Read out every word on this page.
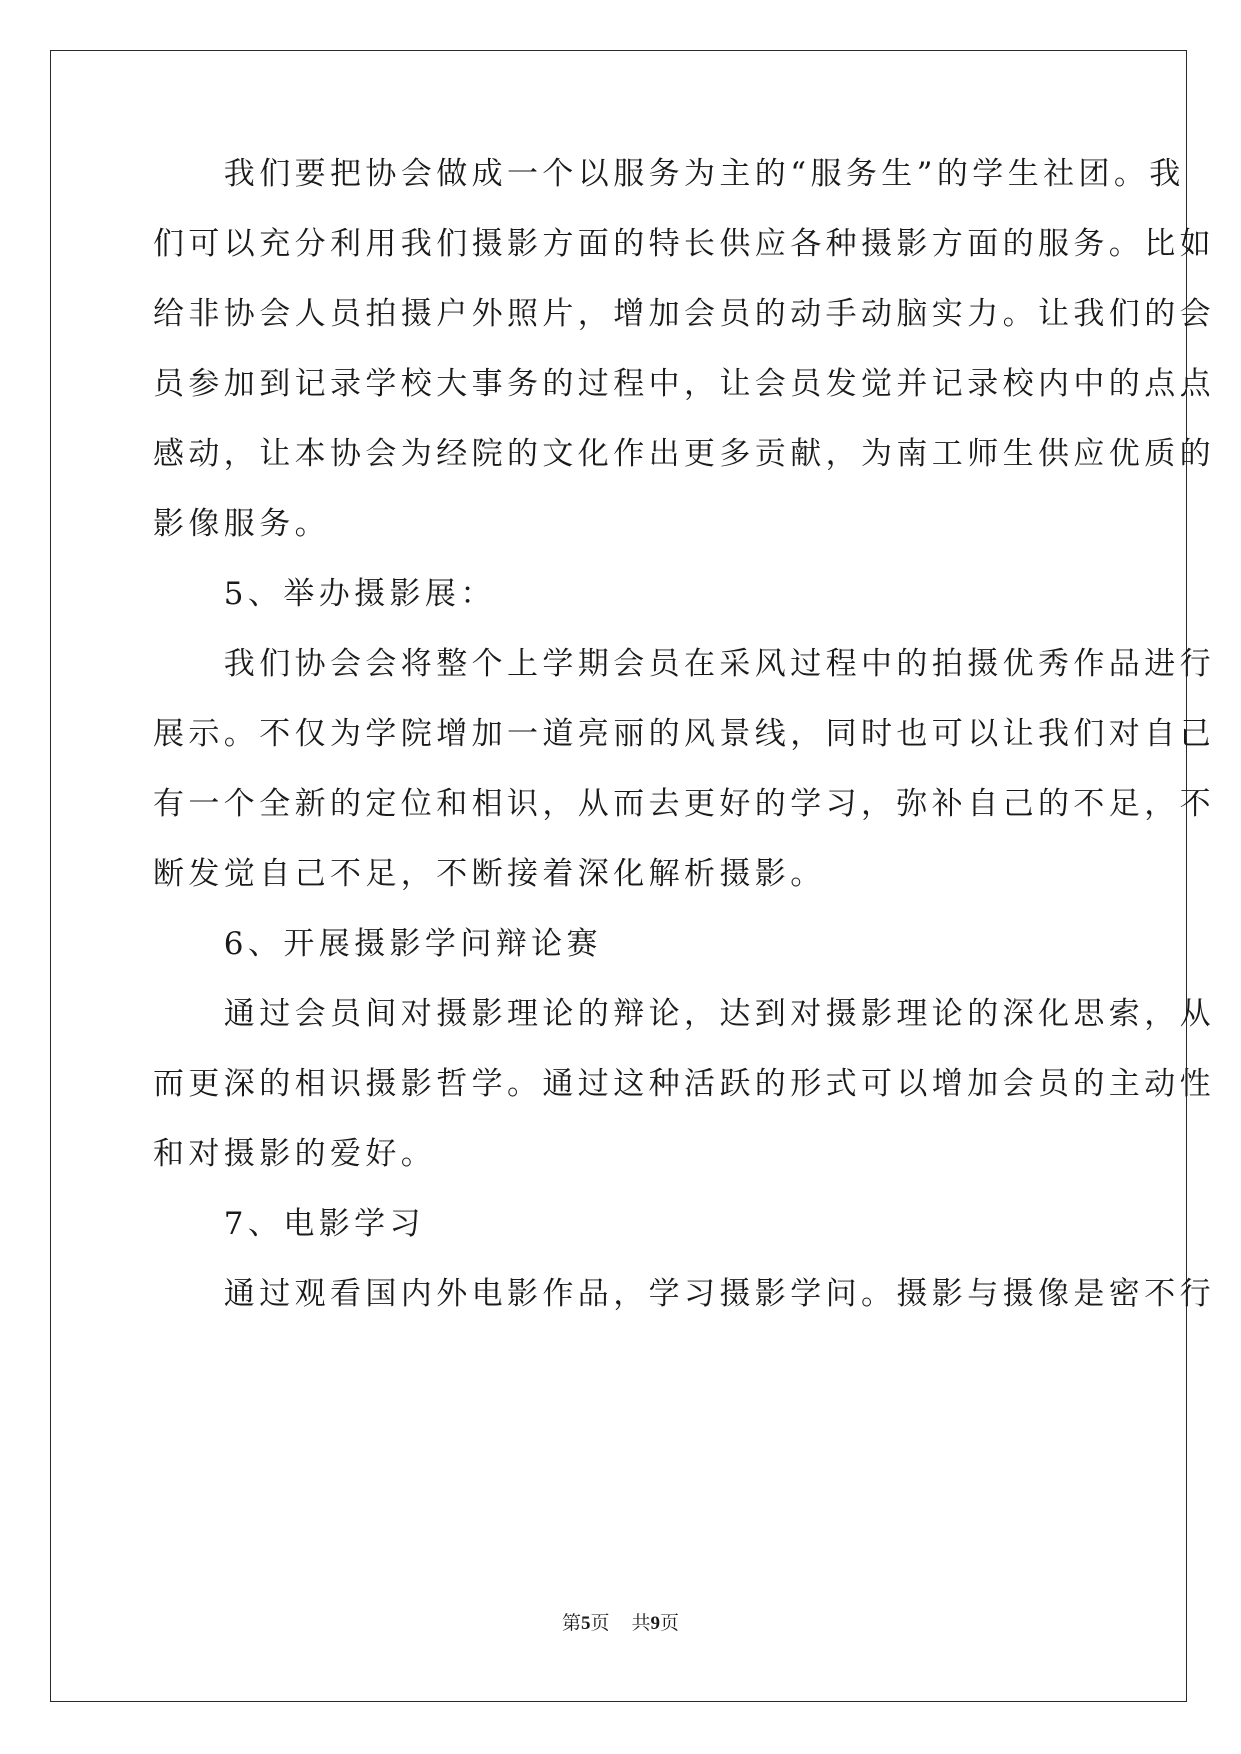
　　我们要把协会做成一个以服务为主的“服务生”的学生社团。我
们可以充分利用我们摄影方面的特长供应各种摄影方面的服务。比如
给非协会人员拍摄户外照片，增加会员的动手动脑实力。让我们的会
员参加到记录学校大事务的过程中，让会员发觉并记录校内中的点点
感动，让本协会为经院的文化作出更多贡献，为南工师生供应优质的
影像服务。
　　5、举办摄影展：
　　我们协会会将整个上学期会员在采风过程中的拍摄优秀作品进行
展示。不仅为学院增加一道亮丽的风景线，同时也可以让我们对自己
有一个全新的定位和相识，从而去更好的学习，弥补自己的不足，不
断发觉自己不足，不断接着深化解析摄影。
　　6、开展摄影学问辩论赛
　　通过会员间对摄影理论的辩论，达到对摄影理论的深化思索，从
而更深的相识摄影哲学。通过这种活跃的形式可以增加会员的主动性
和对摄影的爱好。
　　7、电影学习
　　通过观看国内外电影作品，学习摄影学问。摄影与摄像是密不行
第5页 共9页
